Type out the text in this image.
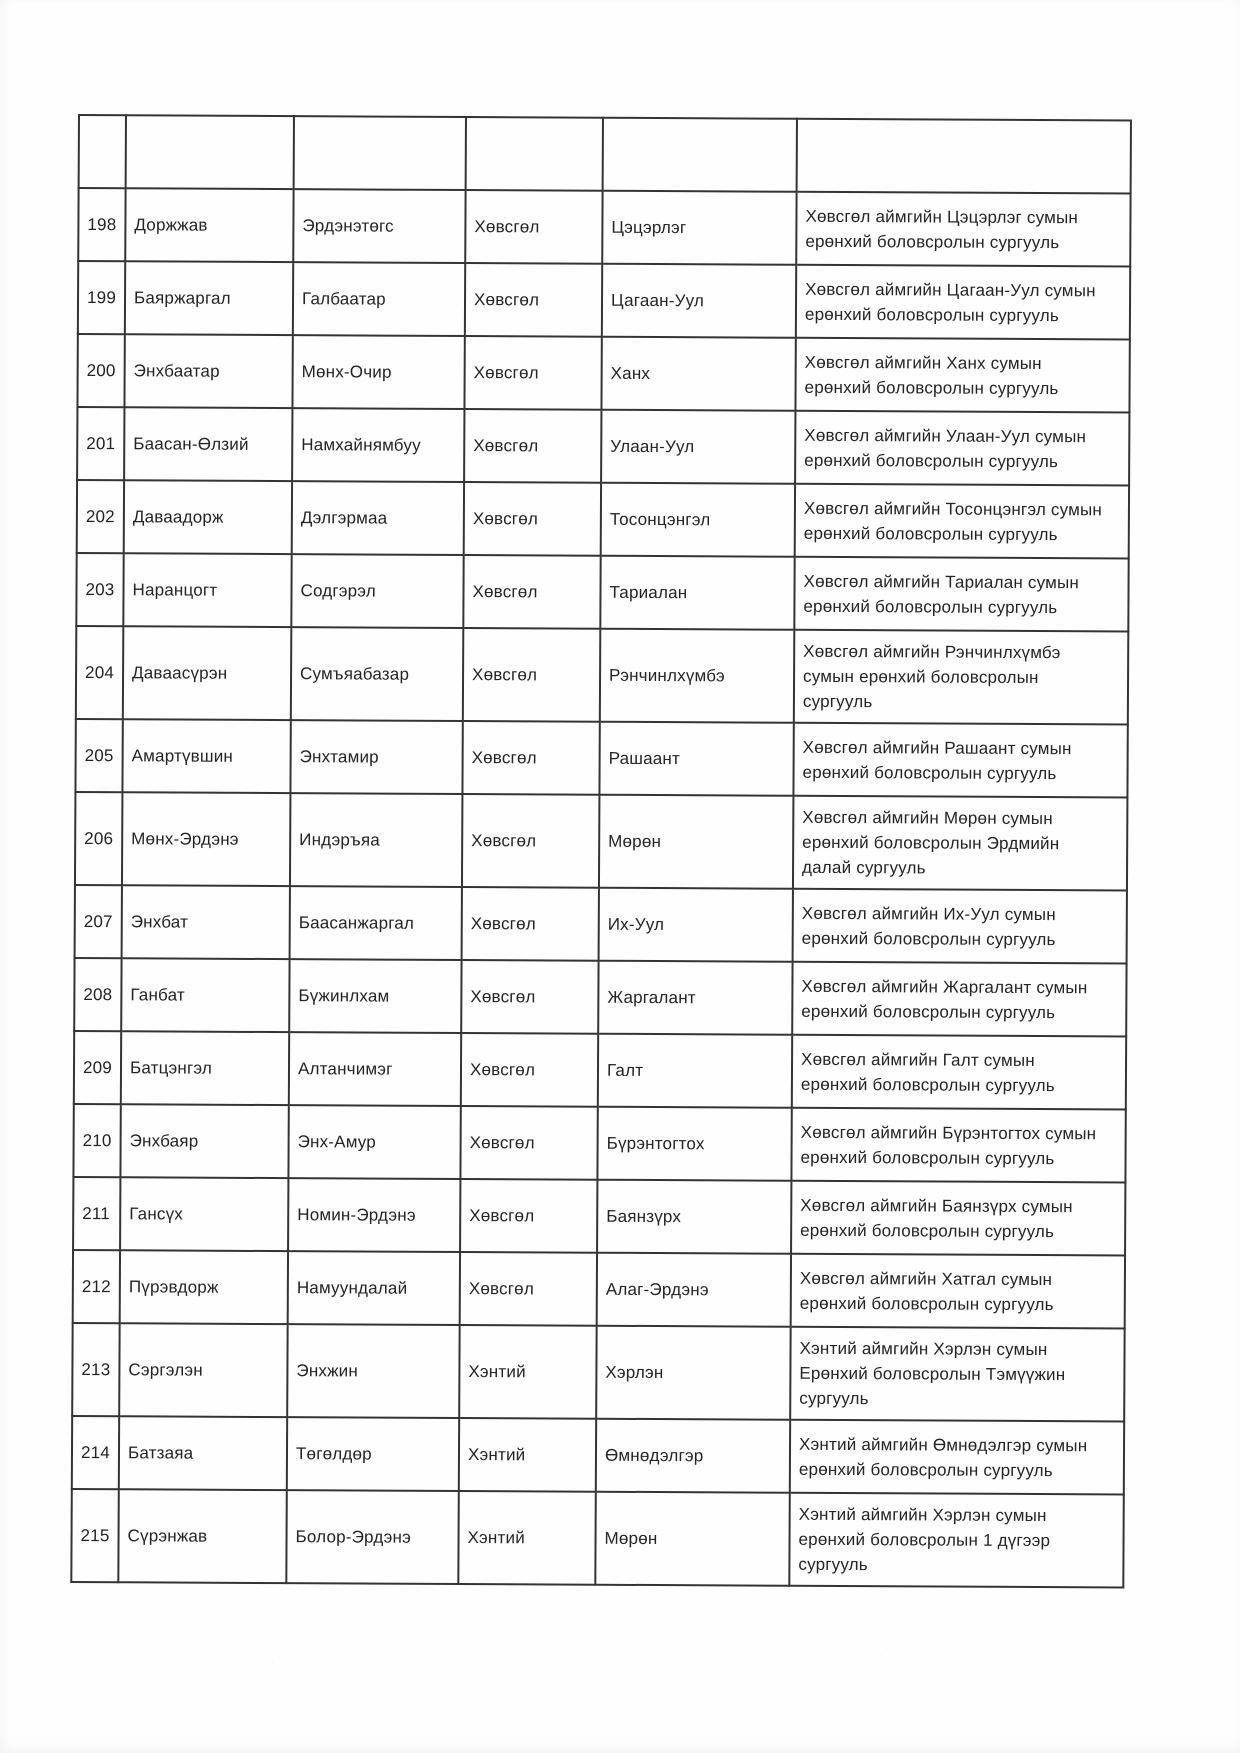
198	Доржжав	Эрдэнэтөгс	Хөвсгөл	Цэцэрлэг	Хөвсгөл аймгийн Цэцэрлэг сумын
ерөнхий боловсролын сургууль
199	Баяржаргал	Галбаатар	Хөвсгөл	Цагаан-Уул	Хөвсгөл аймгийн Цагаан-Уул сумын
ерөнхий боловсролын сургууль
200	Энхбаатар	Мөнх-Очир	Хөвсгөл	Ханх	Хөвсгөл аймгийн Ханх сумын
ерөнхий боловсролын сургууль
201	Баасан-Өлзий	Намхайнямбуу	Хөвсгөл	Улаан-Уул	Хөвсгөл аймгийн Улаан-Уул сумын
ерөнхий боловсролын сургууль
202	Даваадорж	Дэлгэрмаа	Хөвсгөл	Тосонцэнгэл	Хөвсгөл аймгийн Тосонцэнгэл сумын
ерөнхий боловсролын сургууль
203	Наранцогт	Содгэрэл	Хөвсгөл	Тариалан	Хөвсгөл аймгийн Тариалан сумын
ерөнхий боловсролын сургууль
204	Даваасүрэн	Сумъяабазар	Хөвсгөл	Рэнчинлхүмбэ	Хөвсгөл аймгийн Рэнчинлхүмбэ
сумын ерөнхий боловсролын
сургууль
205	Амартүвшин	Энхтамир	Хөвсгөл	Рашаант	Хөвсгөл аймгийн Рашаант сумын
ерөнхий боловсролын сургууль
206	Мөнх-Эрдэнэ	Индэръяа	Хөвсгөл	Мөрөн	Хөвсгөл аймгийн Мөрөн сумын
ерөнхий боловсролын Эрдмийн
далай сургууль
207	Энхбат	Баасанжаргал	Хөвсгөл	Их-Уул	Хөвсгөл аймгийн Их-Уул сумын
ерөнхий боловсролын сургууль
208	Ганбат	Бүжинлхам	Хөвсгөл	Жаргалант	Хөвсгөл аймгийн Жаргалант сумын
ерөнхий боловсролын сургууль
209	Батцэнгэл	Алтанчимэг	Хөвсгөл	Галт	Хөвсгөл аймгийн Галт сумын
ерөнхий боловсролын сургууль
210	Энхбаяр	Энх-Амур	Хөвсгөл	Бүрэнтогтох	Хөвсгөл аймгийн Бүрэнтогтох сумын
ерөнхий боловсролын сургууль
211	Гансүх	Номин-Эрдэнэ	Хөвсгөл	Баянзүрх	Хөвсгөл аймгийн Баянзүрх сумын
ерөнхий боловсролын сургууль
212	Пүрэвдорж	Намуундалай	Хөвсгөл	Алаг-Эрдэнэ	Хөвсгөл аймгийн Хатгал сумын
ерөнхий боловсролын сургууль
213	Сэргэлэн	Энхжин	Хэнтий	Хэрлэн	Хэнтий аймгийн Хэрлэн сумын
Ерөнхий боловсролын Тэмүүжин
сургууль
214	Батзаяа	Төгөлдөр	Хэнтий	Өмнөдэлгэр	Хэнтий аймгийн Өмнөдэлгэр сумын
ерөнхий боловсролын сургууль
215	Сүрэнжав	Болор-Эрдэнэ	Хэнтий	Мөрөн	Хэнтий аймгийн Хэрлэн сумын
ерөнхий боловсролын 1 дүгээр
сургууль
